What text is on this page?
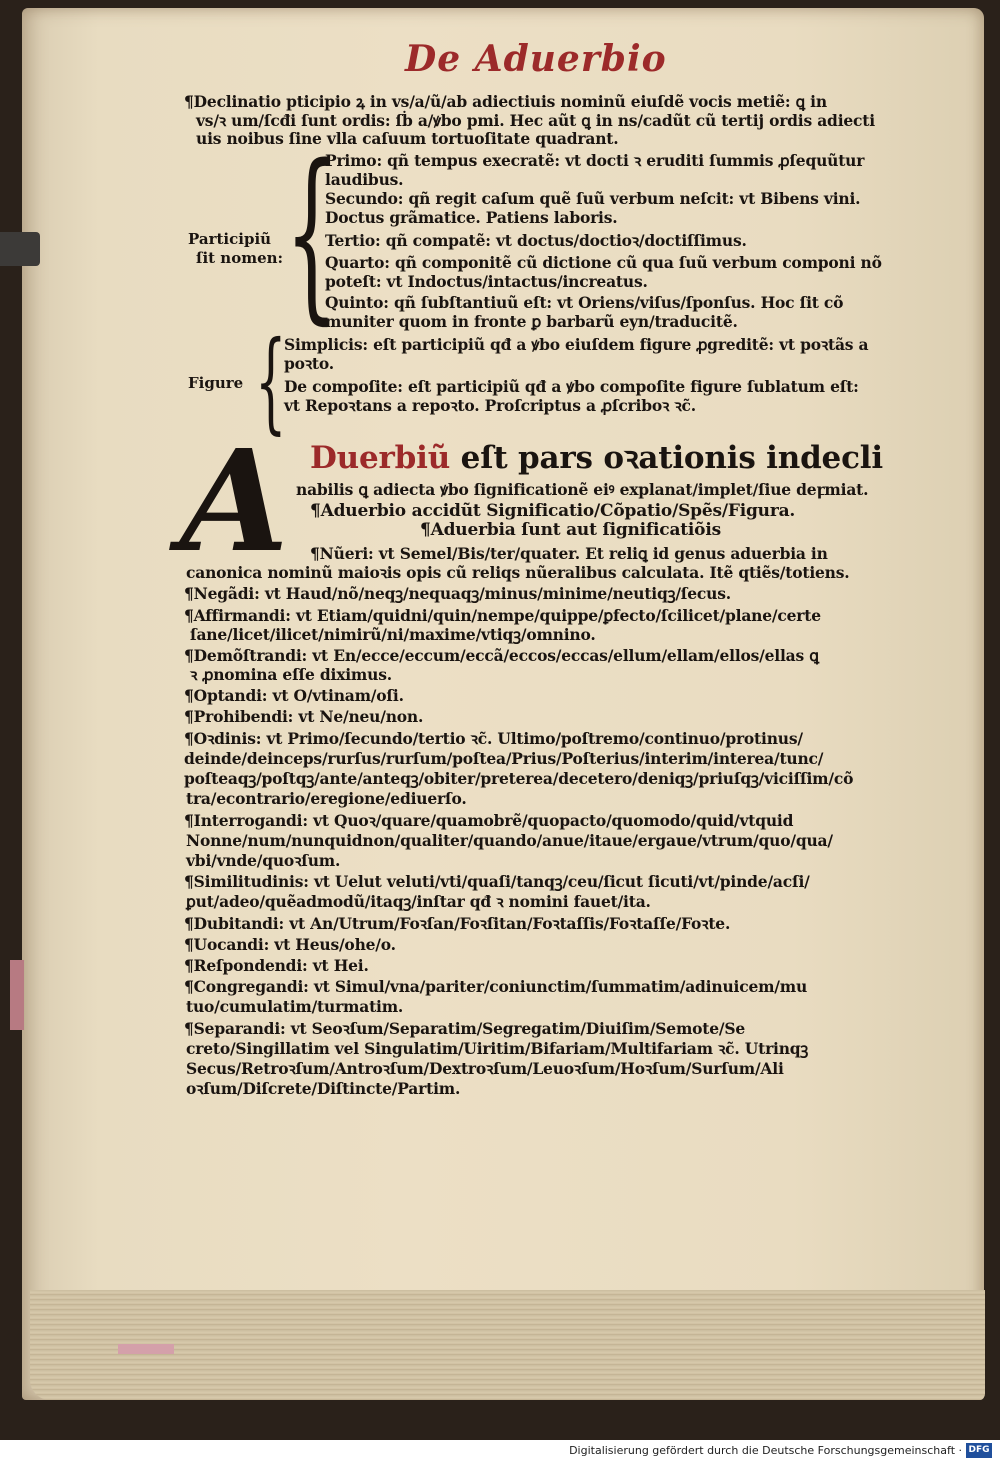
De Aduerbio
¶Declinatio pticipio ꝝ in vs/a/ũ/ab adiectiuis nominũ eiuſdẽ vocis metiẽ: ꝗ in
vs/ꝛ um/ſcđi ſunt ordis: ſḃ a/ꝟbo pmi. Hec aũt ꝗ in ns/cadũt cũ tertij ordis adiecti
uis noibus ſine vlla caſuum tortuoſitate quadrant.
Participiũ
ſit nomen: {
Primo: qñ tempus execratẽ: vt docti ꝛ eruditi ſummis ꝓſequũtur
laudibus.
Secundo: qñ regit caſum quẽ ſuũ verbum neſcit: vt Bibens vini.
Doctus grãmatice. Patiens laboris.
Tertio: qñ compatẽ: vt doctus/doctioꝛ/doctiſſimus.
Quarto: qñ componitẽ cũ dictione cũ qua ſuũ verbum componi nõ
poteſt: vt Indoctus/intactus/increatus.
Quinto: qñ ſubſtantiuũ eſt: vt Oriens/viſus/ſponſus. Hoc ſit cõ
muniter quom in fronte ꝑ barbarũ eyn/traducitẽ.
Figure {
Simplicis: eſt participiũ qđ a ꝟbo eiuſdem figure ꝓgreditẽ: vt poꝛtãs a
poꝛto.
De compoſite: eſt participiũ qđ a ꝟbo compoſite figure ſublatum eſt:
vt Repoꝛtans a repoꝛto. Proſcriptus a ꝓſcriboꝛ ꝛc̃.
A Duerbiũ eſt pars oꝛationis indecli
nabilis ꝗ adiecta ꝟbo ſignificationẽ eiꝰ explanat/implet/ſiue deꝼmiat.
¶Aduerbio accidũt Significatio/Cõpatio/Spẽs/Figura.
¶Aduerbia ſunt aut ſignificatiõis
¶Nũeri: vt Semel/Bis/ter/quater. Et reliꝗ id genus aduerbia in
canonica nominũ maioꝛis opis cũ reliqs nũeralibus calculata. Itẽ qtiẽs/totiens.
¶Negãdi: vt Haud/nõ/neqꝫ/nequaqꝫ/minus/minime/neutiqꝫ/ſecus.
¶Affirmandi: vt Etiam/quidni/quin/nempe/quippe/ꝑfecto/ſcilicet/plane/certe
ſane/licet/ilicet/nimirũ/ni/maxime/vtiqꝫ/omnino.
¶Demõſtrandi: vt En/ecce/eccum/eccã/eccos/eccas/ellum/ellam/ellos/ellas ꝗ
ꝛ ꝓnomina eſſe diximus.
¶Optandi: vt O/vtinam/oſi.
¶Prohibendi: vt Ne/neu/non.
¶Oꝛdinis: vt Primo/ſecundo/tertio ꝛc̃. Ultimo/poſtremo/continuo/protinus/
deinde/deinceps/rurſus/rurſum/poſtea/Prius/Poſterius/interim/interea/tunc/
poſteaqꝫ/poſtqꝫ/ante/anteqꝫ/obiter/preterea/decetero/deniqꝫ/priuſqꝫ/viciſſim/cõ
tra/econtrario/eregione/ediuerſo.
¶Interrogandi: vt Quoꝛ/quare/quamobrẽ/quopacto/quomodo/quid/vtquid
Nonne/num/nunquidnon/qualiter/quando/anue/itaue/ergaue/vtrum/quo/qua/
vbi/vnde/quoꝛſum.
¶Similitudinis: vt Uelut veluti/vti/quaſi/tanqꝫ/ceu/ſicut ſicuti/vt/pinde/acſi/
ꝑut/adeo/quẽadmodũ/itaqꝫ/inſtar qđ ꝛ nomini fauet/ita.
¶Dubitandi: vt An/Utrum/Foꝛſan/Foꝛſitan/Foꝛtaſſis/Foꝛtaſſe/Foꝛte.
¶Uocandi: vt Heus/ohe/o.
¶Reſpondendi: vt Hei.
¶Congregandi: vt Simul/vna/pariter/coniunctim/ſummatim/adinuicem/mu
tuo/cumulatim/turmatim.
¶Separandi: vt Seoꝛſum/Separatim/Segregatim/Diuiſim/Semote/Se
creto/Singillatim vel Singulatim/Uiritim/Bifariam/Multifariam ꝛc̃. Utrinqꝫ
Secus/Retroꝛſum/Antroꝛſum/Dextroꝛſum/Leuoꝛſum/Hoꝛſum/Surſum/Ali
oꝛſum/Diſcrete/Diſtincte/Partim.
Digitalisierung gefördert durch die Deutsche Forschungsgemeinschaft · DFG
